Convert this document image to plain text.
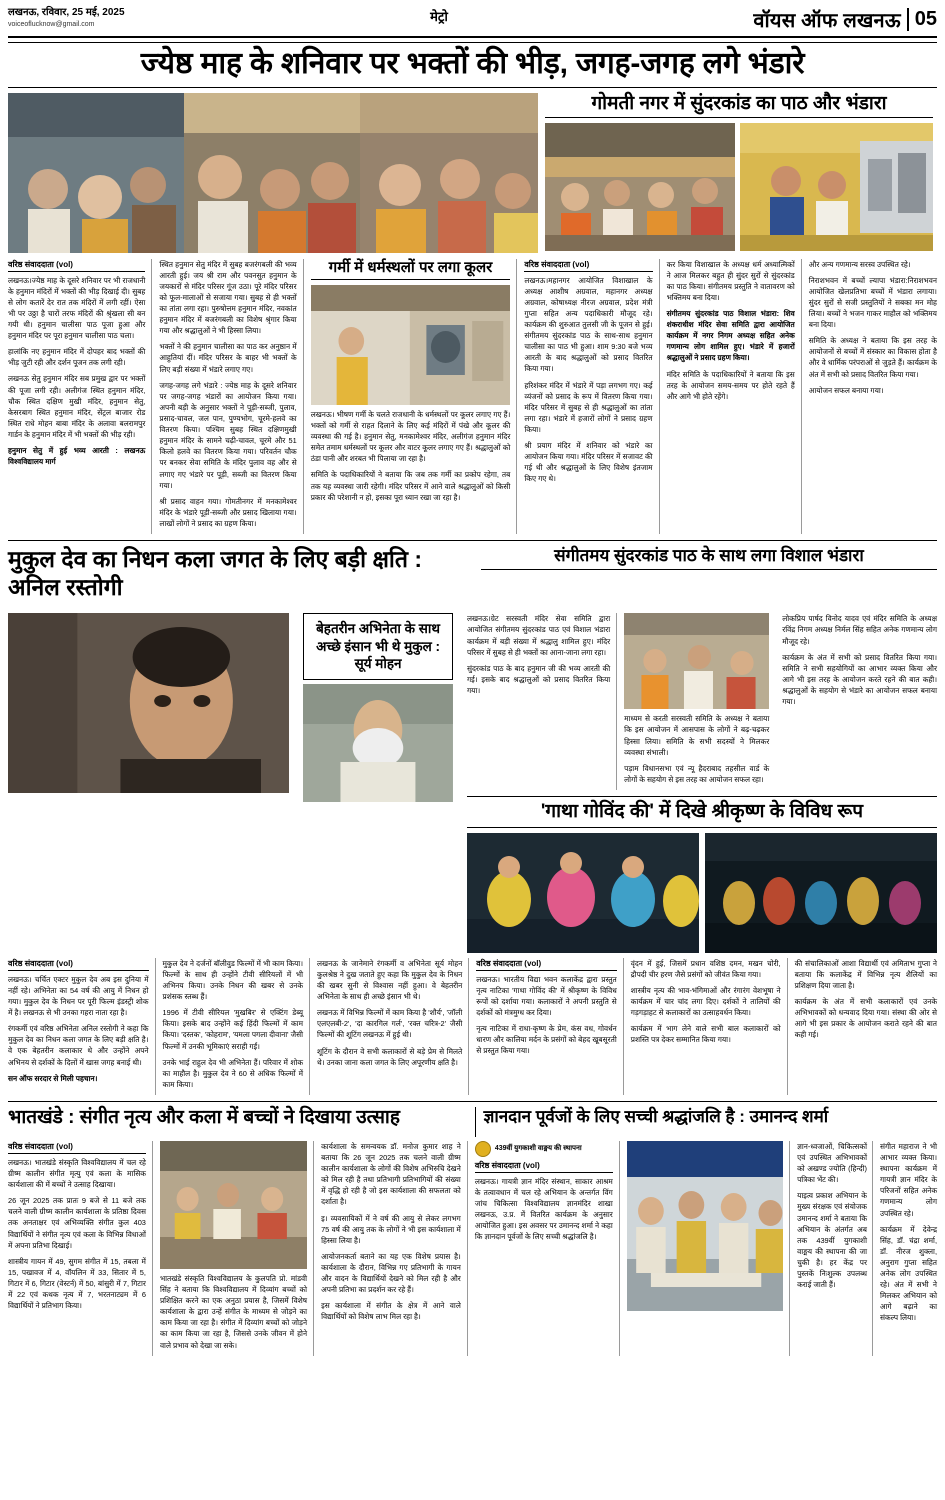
लखनऊ, रविवार, 25 मई, 2025
voiceoflucknow@gmail.com	मेट्रो	वॉयस ऑफ लखनऊ 05
ज्येष्ठ माह के शनिवार पर भक्तों की भीड़, जगह-जगह लगे भंडारे
गोमती नगर में सुंदरकांड का पाठ और भंडारा
वरिष्ठ संवाददाता (vol)

लखनऊ।ज्येष्ठ माह के दूसरे शनिवार पर भी राजधानी के हनुमान मंदिरों में भक्तों की भीड़ दिखाई दी। सुबह से लोग कतारें देर रात तक मंदिरों में लगी रहीं। ऐसा भी पर उठ्ठा है चारों तरफ मंदिरों की श्रृंखला सी बन गयी थी। हनुमान चालीसा पाठ पूजा हुआ और हनुमान मंदिर पर पूरा हनुमान चालीसा पाठ चला।

हालांकि नए हनुमान मंदिर में दोपहर बाद भक्तों की भीड़ जुटी रही और दर्शन पूजन तक लगी रही।

लखनऊ सेतु हनुमान मंदिर सब प्रमुख द्वार पर भक्तों की पूजा लगी रही। अलीगंज स्थित हनुमान मंदिर, चौक स्थित दक्षिण मुखी मंदिर, हनुमान सेतु, केसरबाग स्थित हनुमान मंदिर, सेंट्रल बाजार रोड स्थित राधे मोहन बाबा मंदिर के अलावा बलरामपुर गार्डन के हनुमान मंदिर में भी भक्तों की भीड़ रही।

हनुमान सेतु में हुई भव्य आरती : लखनऊ विश्वविद्यालय मार्ग

स्थित हनुमान सेतु मंदिर में सुबह बजरंगबली की भव्य आरती हुई। जय श्री राम और पवनसुत हनुमान के जयकारों से मंदिर परिसर गूंज उठा। पूरे मंदिर परिसर को फूल-मालाओं से सजाया गया। सुबह से ही भक्तों का तांता लगा रहा। पुरुषोत्तम हनुमान मंदिर, नवकांत हनुमान मंदिर में बजरंगबली का विशेष श्रृंगार किया गया और श्रद्धालुओं ने भी हिस्सा लिया।

भक्तों ने की हनुमान चालीसा का पाठ कर अनुष्ठान में आहुतियां दीं। मंदिर परिसर के बाहर भी भक्तों के लिए बड़ी संख्या में भंडारे लगाए गए।

जगह-जगह लगे भंडारे : ज्येष्ठ माह के दूसरे शनिवार पर जगह-जगह भंडारों का आयोजन किया गया। अपनी बड़ी के अनुसार भक्तों ने पूड़ी-सब्जी, पुलाव, प्रसाद-चावल, जल पान, पुण्यभोग, चूरमे-हलवे का वितरण किया। पश्चिम सुबह स्थित दक्षिणमुखी हनुमान मंदिर के सामने चढ़ी-चावल, चूरमे और 51 किलो हलवे का वितरण किया गया। परिवर्तन चौक पर बनकर सेवा समिति के मंदिर पुलाव वह और से लगाए गए भंडारे पर पूड़ी, सब्जी का वितरण किया गया।

श्री प्रसाद वाहन गया। गोमतीनगर में मनकामेश्वर मंदिर के भंडारे पूड़ी-सब्जी और प्रसाद खिलाया गया। लाखों लोगों ने प्रसाद का ग्रहण किया।

गर्मी में धर्मस्थलों पर लगा कूलर

लखनऊ। भीषण गर्मी के चलते राजधानी के धर्मस्थलों पर कूलर लगाए गए हैं। भक्तों को गर्मी से राहत दिलाने के लिए कई मंदिरों में पंखे और कूलर की व्यवस्था की गई है। हनुमान सेतु, मनकामेश्वर मंदिर, अलीगंज हनुमान मंदिर समेत तमाम धर्मस्थलों पर कूलर और वाटर कूलर लगाए गए हैं। श्रद्धालुओं को ठंडा पानी और शरबत भी पिलाया जा रहा है।

समिति के पदाधिकारियों ने बताया कि जब तक गर्मी का प्रकोप रहेगा, तब तक यह व्यवस्था जारी रहेगी। मंदिर परिसर में आने वाले श्रद्धालुओं को किसी प्रकार की परेशानी न हो, इसका पूरा ध्यान रखा जा रहा है।

वरिष्ठ संवाददाता (vol)

लखनऊ।महानगर आयोजित विशाखाल के अध्यक्ष आशीष अग्रवाल, महानगर अध्यक्ष अग्रवाल, कोषाध्यक्ष नीरज अग्रवाल, प्रदेश मंत्री गुप्ता सहित अन्य पदाधिकारी मौजूद रहे। कार्यक्रम की शुरुआत तुलसी जी के पूजन से हुई। संगीतमय सुंदरकांड पाठ के साथ-साथ हनुमान चालीसा का पाठ भी हुआ। शाम 9:30 बजे भव्य आरती के बाद श्रद्धालुओं को प्रसाद वितरित किया गया।

हरिशंकर मंदिर में भंडारे में पड़ा लगभग गए। कई व्यंजनों को प्रसाद के रूप में वितरण किया गया। मंदिर परिसर में सुबह से ही श्रद्धालुओं का तांता लगा रहा। भंडारे में हजारों लोगों ने प्रसाद ग्रहण किया।

श्री प्रयाग मंदिर में शनिवार को भंडारे का आयोजन किया गया। मंदिर परिसर में सजावट की गई थी और श्रद्धालुओं के लिए विशेष इंतजाम किए गए थे।

कर किया विशाखाल के अध्यक्ष धर्म अध्यात्मिकों ने आज मिलकर बहुत ही सुंदर सुरों से सुंदरकांड का पाठ किया। संगीतमय प्रस्तुति ने वातावरण को भक्तिमय बना दिया।

संगीतमय सुंदरकांड पाठ विशाल भंडारा: शिव शंकराधीश मंदिर सेवा समिति द्वारा आयोजित कार्यक्रम में नगर निगम अध्यक्ष सहित अनेक गणमान्य लोग शामिल हुए। भंडारे में हजारों श्रद्धालुओं ने प्रसाद ग्रहण किया।

मंदिर समिति के पदाधिकारियों ने बताया कि इस तरह के आयोजन समय-समय पर होते रहते हैं और आगे भी होते रहेंगे।

और अन्य गणमान्य सरस्व उपस्थित रहे।

निराशभवन में बच्चों ल्यापा भंडारा:निराशभवन आयोजित खेलप्रतिभा बच्चों में भंडारा लगाया। सुंदर सुरों से सजी प्रस्तुतियों ने सबका मन मोह लिया। बच्चों ने भजन गाकर माहौल को भक्तिमय बना दिया।

समिति के अध्यक्ष ने बताया कि इस तरह के आयोजनों से बच्चों में संस्कार का विकास होता है और वे धार्मिक परंपराओं से जुड़ते हैं। कार्यक्रम के अंत में सभी को प्रसाद वितरित किया गया।

आयोजन सफल बनाया गया।

मुकुल देव का निधन कला जगत के लिए बड़ी क्षति : अनिल रस्तोगी
संगीतमय सुंदरकांड पाठ के साथ लगा विशाल भंडारा
बेहतरीन अभिनेता के साथ अच्छे इंसान भी थे मुकुल : सूर्य मोहन

लखनऊ।ग्रेट सरस्वती मंदिर सेवा समिति द्वारा आयोजित संगीतमय सुंदरकांड पाठ एवं विशाल भंडारा कार्यक्रम में बड़ी संख्या में श्रद्धालु शामिल हुए। मंदिर परिसर में सुबह से ही भक्तों का आना-जाना लगा रहा।

सुंदरकांड पाठ के बाद हनुमान जी की भव्य आरती की गई। इसके बाद श्रद्धालुओं को प्रसाद वितरित किया गया।

माध्यम से करती सरस्वती समिति के अध्यक्ष ने बताया कि इस आयोजन में आसपास के लोगों ने बढ़-चढ़कर हिस्सा लिया। समिति के सभी सदस्यों ने मिलकर व्यवस्था संभाली।

पड़ाम विधानसभा एवं न्यू हैदराबाद तहसील वार्ड के लोगों के सहयोग से इस तरह का आयोजन सफल रहा।

लोकप्रिय पार्षद विनोद यादव एवं मंदिर समिति के अध्यक्ष रविंद्र निगम अध्यक्ष निर्मल सिंह सहित अनेक गणमान्य लोग मौजूद रहे।

कार्यक्रम के अंत में सभी को प्रसाद वितरित किया गया। समिति ने सभी सहयोगियों का आभार व्यक्त किया और आगे भी इस तरह के आयोजन करते रहने की बात कही। श्रद्धालुओं के सहयोग से भंडारे का आयोजन सफल बनाया गया।

'गाथा गोविंद की' में दिखे श्रीकृष्ण के विविध रूप
वरिष्ठ संवाददाता (vol)

लखनऊ। चर्चित एक्टर मुकुल देव अब इस दुनिया में नहीं रहे। अभिनेता का 54 वर्ष की आयु में निधन हो गया। मुकुल देव के निधन पर पूरी फिल्म इंडस्ट्री शोक में है। लखनऊ से भी उनका गहरा नाता रहा है।

रंगकर्मी एवं वरिष्ठ अभिनेता अनिल रस्तोगी ने कहा कि मुकुल देव का निधन कला जगत के लिए बड़ी क्षति है। वे एक बेहतरीन कलाकार थे और उन्होंने अपने अभिनय से दर्शकों के दिलों में खास जगह बनाई थी।

सन ऑफ सरदार से मिली पहचान।

मुकुल देव ने दर्जनों बॉलीवुड फिल्मों में भी काम किया। फिल्मों के साथ ही उन्होंने टीवी सीरियलों में भी अभिनय किया। उनके निधन की खबर से उनके प्रशंसक स्तब्ध हैं।

1996 में टीवी सीरियल 'मुखबिर' से एक्टिंग डेब्यू किया। इसके बाद उन्होंने कई हिंदी फिल्मों में काम किया। 'दस्तक', 'कोहराम', 'यमला पगला दीवाना' जैसी फिल्मों में उनकी भूमिकाएं सराही गईं।

उनके भाई राहुल देव भी अभिनेता हैं। परिवार में शोक का माहौल है। मुकुल देव ने 60 से अधिक फिल्मों में काम किया।

लखनऊ के जानेमाने रंगकर्मी व अभिनेता सूर्य मोहन कुलश्रेष्ठ ने दुख जताते हुए कहा कि मुकुल देव के निधन की खबर सुनी से विश्वास नहीं हुआ। वे बेहतरीन अभिनेता के साथ ही अच्छे इंसान भी थे।

लखनऊ में विभिन्न फिल्मों में काम किया है 'शौर्य', 'जॉली एलएलबी-2', 'दा कारगिल गर्ल', 'रक्त चरित्र-2' जैसी फिल्मों की शूटिंग लखनऊ में हुई थी।

शूटिंग के दौरान वे सभी कलाकारों से बड़े प्रेम से मिलते थे। उनका जाना कला जगत के लिए अपूरणीय क्षति है।

वरिष्ठ संवाददाता (vol)

लखनऊ। भारतीय विद्या भवन कलाकेंद्र द्वारा प्रस्तुत नृत्य नाटिका 'गाथा गोविंद की' में श्रीकृष्ण के विविध रूपों को दर्शाया गया। कलाकारों ने अपनी प्रस्तुति से दर्शकों को मंत्रमुग्ध कर दिया।

नृत्य नाटिका में राधा-कृष्ण के प्रेम, कंस वध, गोवर्धन धारण और कालिया मर्दन के प्रसंगों को बेहद खूबसूरती से प्रस्तुत किया गया।

वृंदन में हुई, जिसमें प्रधान वशिष्ठ दमन, मखन चोरी, द्रौपदी चीर हरण जैसे प्रसंगों को जीवंत किया गया।

शास्त्रीय नृत्य की भाव-भंगिमाओं और रंगारंग वेशभूषा ने कार्यक्रम में चार चांद लगा दिए। दर्शकों ने तालियों की गड़गड़ाहट से कलाकारों का उत्साहवर्धन किया।

कार्यक्रम में भाग लेने वाले सभी बाल कलाकारों को प्रशस्ति पत्र देकर सम्मानित किया गया।

की संचालिकाओं आशा विद्यार्थी एवं अमिताभ गुप्ता ने बताया कि कलाकेंद्र में विभिन्न नृत्य शैलियों का प्रशिक्षण दिया जाता है।

कार्यक्रम के अंत में सभी कलाकारों एवं उनके अभिभावकों को धन्यवाद दिया गया। संस्था की ओर से आगे भी इस प्रकार के आयोजन कराते रहने की बात कही गई।

भातखंडे : संगीत नृत्य और कला में बच्चों ने दिखाया उत्साह	ज्ञानदान पूर्वजों के लिए सच्ची श्रद्धांजलि है : उमानन्द शर्मा
वरिष्ठ संवाददाता (vol)

लखनऊ। भातखंडे संस्कृति विश्वविद्यालय में चल रहे ग्रीष्म कालीन संगीत मृत्यु एवं कला के मासिक कार्यशाला की में बच्चों ने उत्साह दिखाया।

26 जून 2025 तक प्रातः 9 बजे से 11 बजे तक चलने वाली ग्रीष्म कालीन कार्यशाला के प्रतिष्ठा दिवस तक अनताक्षर एवं अभिव्यक्ति संगीत कुल 403 विद्यार्थियों ने संगीत नृत्य एवं कला के विभिन्न विधाओं में अपना प्रतिभा दिखाई।

शास्त्रीय गायन में 49, सुगम संगीत में 15, तबला में 15, पखावज में 4, वॉयलिन में 33, सितार में 5, गिटार में 6, गिटार (वेस्टर्न) में 50, बांसुरी में 7, गिटार में 22 एवं कथक नृत्य में 7, भरतनाट्यम में 6 विद्यार्थियों ने प्रतिभाग किया।

भातखंडे संस्कृति विश्वविद्यालय के कुलपति प्रो. मांडवी सिंह ने बताया कि विश्वविद्यालय में दिव्यांग बच्चों को प्रशिक्षित करने का एक अनुठा प्रयास है, जिसमें विशेष कार्यशाला के द्वारा उन्हें संगीत के माध्यम से जोड़ने का काम किया जा रहा है। संगीत में दिव्यांग बच्चों को जोड़ने का काम किया जा रहा है, जिससे उनके जीवन में होने वाले प्रभाव को देखा जा सके।

कार्यशाला के समन्वयक डॉ. मनोज कुमार शाह ने बताया कि 26 जून 2025 तक चलने वाली ग्रीष्म कालीन कार्यशाला के लोगों की विशेष अभिरुचि देखने को मिल रही है तथा प्रतिभागी प्रतिभागियों की संख्या में वृद्धि हो रही है जो इस कार्यशाला की सफलता को दर्शाता है।

इ। व्यवसायिकों में ने वर्ष की आयु से लेकर लगभग 75 वर्ष की आयु तक के लोगों ने भी इस कार्यशाला में हिस्सा लिया है।

आयोजनकर्ता बताने का यह एक विशेष प्रयास है। कार्यशाला के दौरान, विभिन्न गए प्रतिभागी के गायन और वादन के विद्यार्थियों देखने को मिल रही है और अपनी प्रतिभा का प्रदर्शन कर रहे हैं।

इस कार्यशाला में संगीत के क्षेत्र में आने वाले विद्यार्थियों को विशेष लाभ मिल रहा है।

439वीं युगकाशी वाङ्मय की स्थापना
वरिष्ठ संवाददाता (vol)

लखनऊ। गायत्री ज्ञान मंदिर संस्थान, साकार आश्रम के तत्वावधान में चल रहे अभियान के अन्तर्गत विंग जांच चिकित्सा विश्वविद्यालय ज्ञानमंदिर शाखा लखनऊ, उ.प्र. में वितरित कार्यक्रम के अनुसार आयोजित हुआ। इस अवसर पर उमानन्द शर्मा ने कहा कि ज्ञानदान पूर्वजों के लिए सच्ची श्रद्धांजलि है।

ज्ञान-ध्वजाओं, चिकित्सकों एवं उपस्थित अभिभावकों को अखण्ड ज्योति (हिन्दी) पत्रिका भेंट की।

याइत्व प्रकाश अभियान के मुख्य संरक्षक एवं संयोजक उमानन्द शर्मा ने बताया कि अभियान के अंतर्गत अब तक 439वीं युगकाशी वाङ्मय की स्थापना की जा चुकी है। हर केंद्र पर पुस्तकें निःशुल्क उपलब्ध कराई जाती हैं।

संगीत महाराज ने भी आभार व्यक्त किया। स्थापना कार्यक्रम में गायत्री ज्ञान मंदिर के परिजनों सहित अनेक गणमान्य लोग उपस्थित रहे।

कार्यक्रम में देवेन्द्र सिंह, डॉ. चंद्रा शर्मा, डॉ. नीरज शुक्ला, अनुराग गुप्ता सहित अनेक लोग उपस्थित रहे। अंत में सभी ने मिलकर अभियान को आगे बढ़ाने का संकल्प लिया।
